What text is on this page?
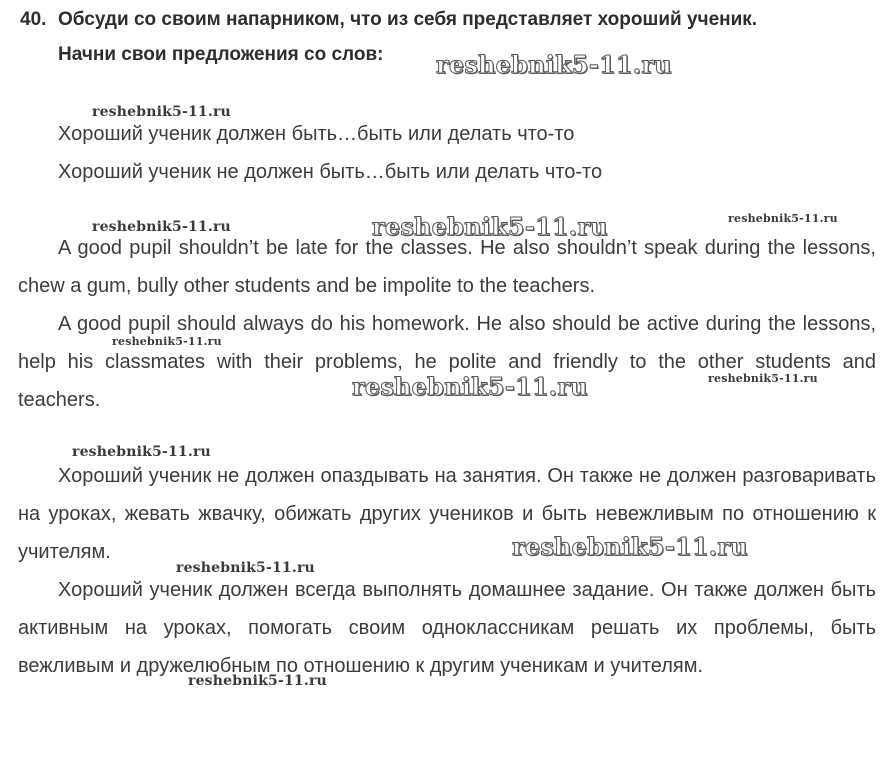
40. Обсуди со своим напарником, что из себя представляет хороший ученик.
Начни свои предложения со слов:
Хороший ученик должен быть…быть или делать что-то
Хороший ученик не должен быть…быть или делать что-то
A good pupil shouldn’t be late for the classes. He also shouldn’t speak during the lessons, chew a gum, bully other students and be impolite to the teachers.
A good pupil should always do his homework. He also should be active during the lessons, help his classmates with their problems, he polite and friendly to the other students and teachers.
Хороший ученик не должен опаздывать на занятия. Он также не должен разговаривать на уроках, жевать жвачку, обижать других учеников и быть невежливым по отношению к учителям.
Хороший ученик должен всегда выполнять домашнее задание. Он также должен быть активным на уроках, помогать своим одноклассникам решать их проблемы, быть вежливым и дружелюбным по отношению к другим ученикам и учителям.
reshebnik5-11.ru
reshebnik5-11.ru
reshebnik5-11.ru	reshebnik5-11.ru	reshebnik5-11.ru
reshebnik5-11.ru
reshebnik5-11.ru	reshebnik5-11.ru
reshebnik5-11.ru
reshebnik5-11.ru
reshebnik5-11.ru
reshebnik5-11.ru
